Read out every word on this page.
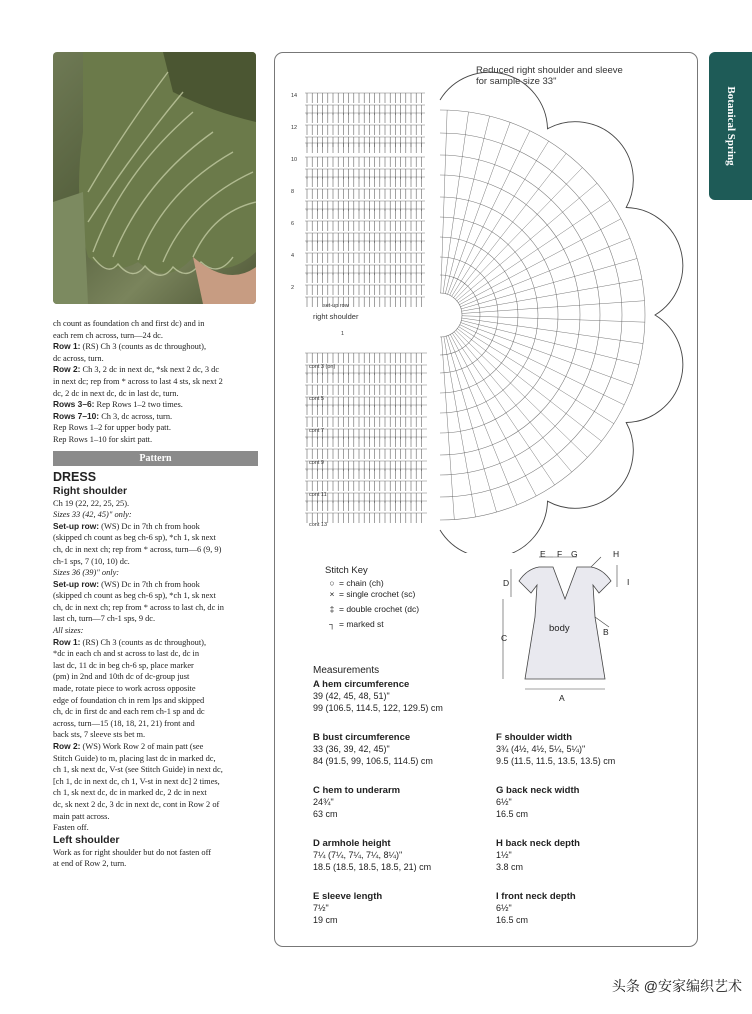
ch count as foundation ch and first dc) and in

each rem ch across, turn—24 dc.

Row 1: (RS) Ch 3 (counts as dc throughout),

dc across, turn.

Row 2: Ch 3, 2 dc in next dc, *sk next 2 dc, 3 dc

in next dc; rep from * across to last 4 sts, sk next 2

dc, 2 dc in next dc, dc in last dc, turn.

Rows 3–6: Rep Rows 1–2 two times.

Rows 7–10: Ch 3, dc across, turn.

Rep Rows 1–2 for upper body patt.

Rep Rows 1–10 for skirt patt.

Pattern
DRESS
Right shoulder

Ch 19 (22, 22, 25, 25).

Sizes 33 (42, 45)" only:

Set-up row: (WS) Dc in 7th ch from hook

(skipped ch count as beg ch-6 sp), *ch 1, sk next

ch, dc in next ch; rep from * across, turn—6 (9, 9)

ch-1 sps, 7 (10, 10) dc.

Sizes 36 (39)" only:

Set-up row: (WS) Dc in 7th ch from hook

(skipped ch count as beg ch-6 sp), *ch 1, sk next

ch, dc in next ch; rep from * across to last ch, dc in

last ch, turn—7 ch-1 sps, 9 dc.

All sizes:

Row 1: (RS) Ch 3 (counts as dc throughout),

*dc in each ch and st across to last dc, dc in

last dc, 11 dc in beg ch-6 sp, place marker

(pm) in 2nd and 10th dc of dc-group just

made, rotate piece to work across opposite

edge of foundation ch in rem lps and skipped

ch, dc in first dc and each rem ch-1 sp and dc

across, turn—15 (18, 18, 21, 21) front and

back sts, 7 sleeve sts bet m.

Row 2: (WS) Work Row 2 of main patt (see

Stitch Guide) to m, placing last dc in marked dc,

ch 1, sk next dc, V-st (see Stitch Guide) in next dc,

[ch 1, dc in next dc, ch 1, V-st in next dc] 2 times,

ch 1, sk next dc, dc in marked dc, 2 dc in next

dc, sk next 2 dc, 3 dc in next dc, cont in Row 2 of

main patt across.

Fasten off.

Left shoulder

Work as for right shoulder but do not fasten off

at end of Row 2, turn.

Reduced right shoulder and sleeve
for sample size 33"
14
12
10
8
6
4
2
set-up row
right shoulder
1
cont 3 (on)
cont 5
cont 7
cont 9
cont 11
cont 13
Stitch Key
○ = chain (ch)
× = single crochet (sc)
‡ = double crochet (dc)
┐ = marked st
E F G	H
D	I
C
B
A
body
Measurements
A hem circumference
39 (42, 45, 48, 51)"
99 (106.5, 114.5, 122, 129.5) cm
B bust circumference
33 (36, 39, 42, 45)"
84 (91.5, 99, 106.5, 114.5) cm
C hem to underarm
24¾"
63 cm
D armhole height
7¼ (7¼, 7¼, 7¼, 8¼)"
18.5 (18.5, 18.5, 18.5, 21) cm
E sleeve length
7½"
19 cm
F shoulder width
3¾ (4½, 4½, 5¼, 5¼)"
9.5 (11.5, 11.5, 13.5, 13.5) cm
G back neck width
6½"
16.5 cm
H back neck depth
1½"
3.8 cm
I front neck depth
6½"
16.5 cm
Botanical Spring
头条 @安家编织艺术
